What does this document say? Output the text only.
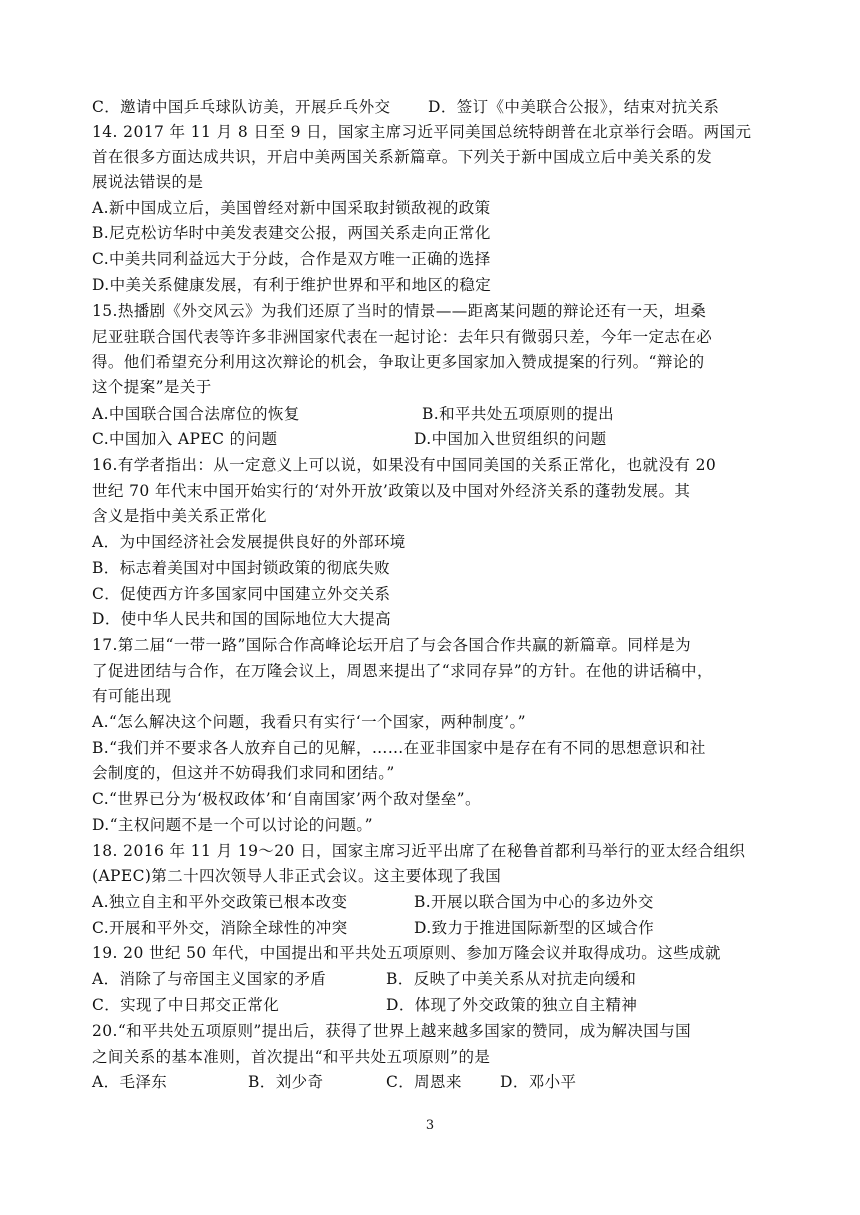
C．邀请中国乒乓球队访美，开展乒乓外交 D．签订《中美联合公报》，结束对抗关系
14. 2017 年 11 月 8 日至 9 日，国家主席习近平同美国总统特朗普在北京举行会晤。两国元
首在很多方面达成共识，开启中美两国关系新篇章。下列关于新中国成立后中美关系的发
展说法错误的是
A.新中国成立后，美国曾经对新中国采取封锁敌视的政策
B.尼克松访华时中美发表建交公报，两国关系走向正常化
C.中美共同利益远大于分歧，合作是双方唯一正确的选择
D.中美关系健康发展，有利于维护世界和平和地区的稳定
15.热播剧《外交风云》为我们还原了当时的情景——距离某问题的辩论还有一天，坦桑
尼亚驻联合国代表等许多非洲国家代表在一起讨论：去年只有微弱只差，今年一定志在必
得。他们希望充分利用这次辩论的机会，争取让更多国家加入赞成提案的行列。“辩论的
这个提案”是关于
A.中国联合国合法席位的恢复	B.和平共处五项原则的提出
C.中国加入 APEC 的问题	D.中国加入世贸组织的问题
16.有学者指出：从一定意义上可以说，如果没有中国同美国的关系正常化，也就没有 20
世纪 70 年代末中国开始实行的‘对外开放’政策以及中国对外经济关系的蓬勃发展。其
含义是指中美关系正常化
A．为中国经济社会发展提供良好的外部环境
B．标志着美国对中国封锁政策的彻底失败
C．促使西方许多国家同中国建立外交关系
D．使中华人民共和国的国际地位大大提高
17.第二届“一带一路”国际合作高峰论坛开启了与会各国合作共赢的新篇章。同样是为
了促进团结与合作，在万隆会议上，周恩来提出了“求同存异”的方针。在他的讲话稿中，
有可能出现
A.“怎么解决这个问题，我看只有实行‘一个国家，两种制度’。”
B.“我们并不要求各人放弃自己的见解，……在亚非国家中是存在有不同的思想意识和社
会制度的，但这并不妨碍我们求同和团结。”
C.“世界已分为‘极权政体’和‘自南国家’两个敌对堡垒”。
D.“主权问题不是一个可以讨论的问题。”
18. 2016 年 11 月 19～20 日，国家主席习近平出席了在秘鲁首都利马举行的亚太经合组织
(APEC)第二十四次领导人非正式会议。这主要体现了我国
A.独立自主和平外交政策已根本改变	B.开展以联合国为中心的多边外交
C.开展和平外交，消除全球性的冲突	D.致力于推进国际新型的区域合作
19. 20 世纪 50 年代，中国提出和平共处五项原则、参加万隆会议并取得成功。这些成就
A．消除了与帝国主义国家的矛盾	B．反映了中美关系从对抗走向缓和
C．实现了中日邦交正常化	D．体现了外交政策的独立自主精神
20.“和平共处五项原则”提出后，获得了世界上越来越多国家的赞同，成为解决国与国
之间关系的基本准则，首次提出“和平共处五项原则”的是
A．毛泽东	B．刘少奇	C．周恩来 D．邓小平
3
